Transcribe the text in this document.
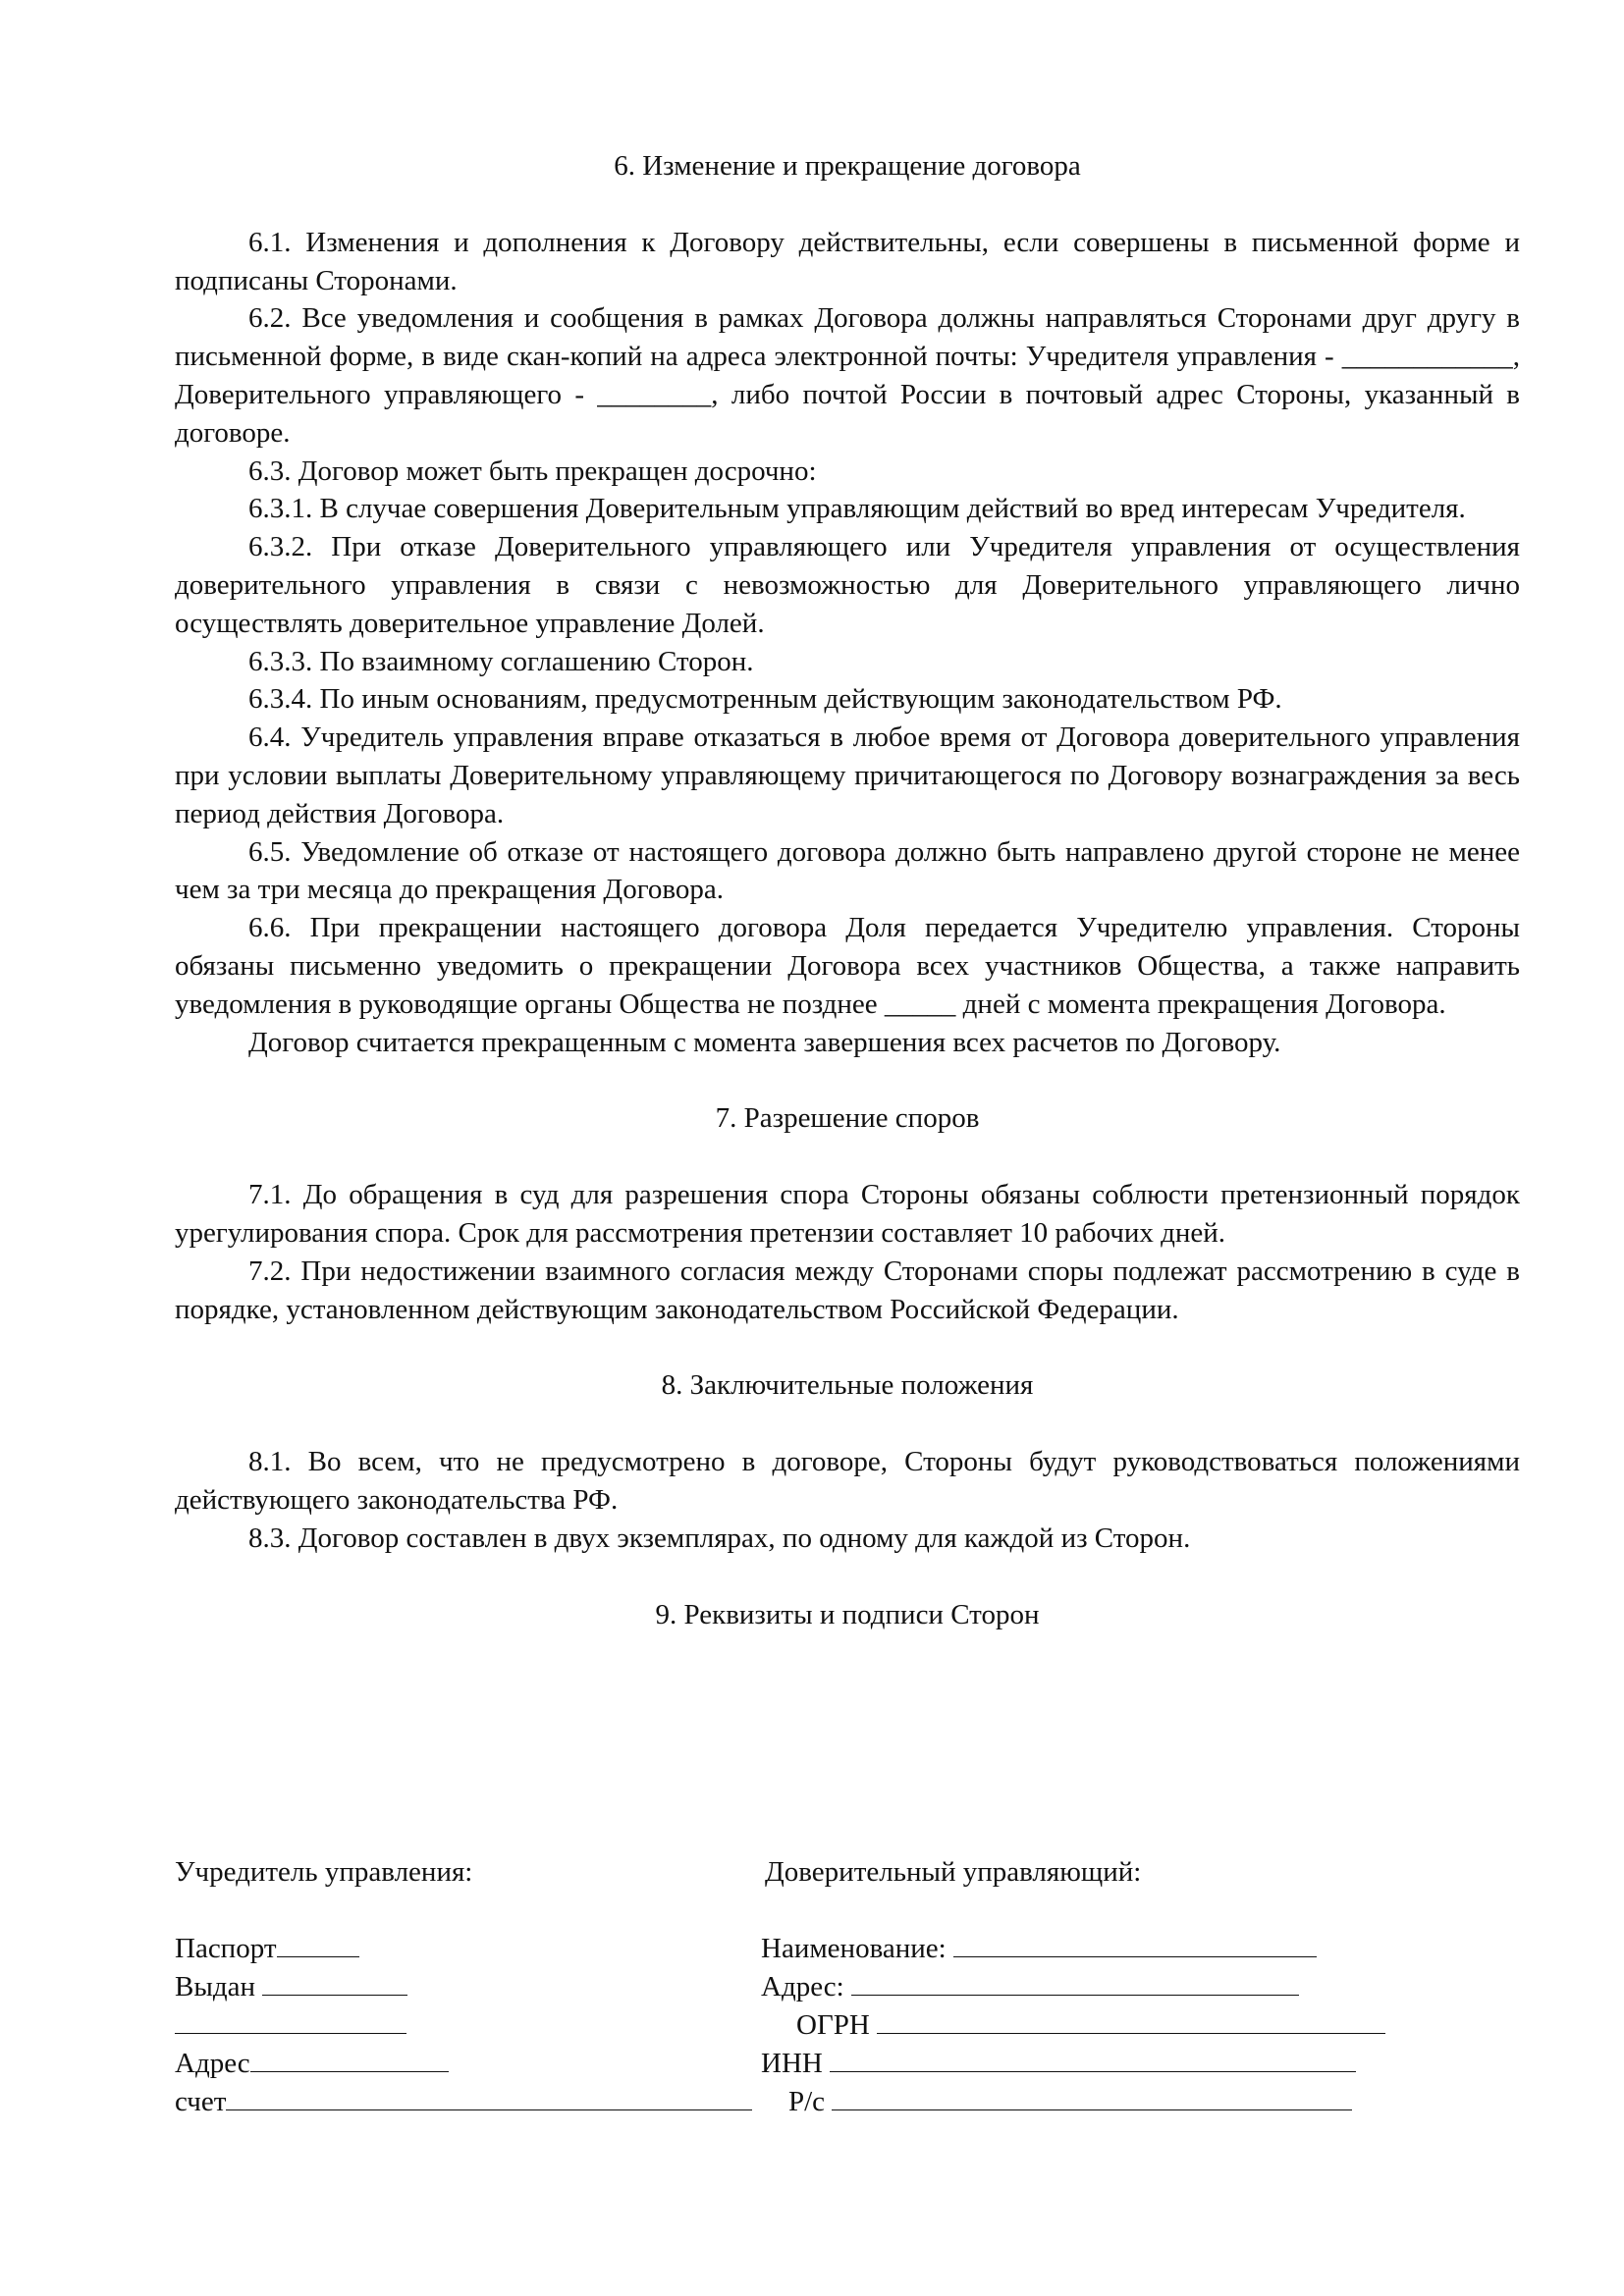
6. Изменение и прекращение договора

6.1. Изменения и дополнения к Договору действительны, если совершены в письменной форме и подписаны Сторонами.

6.2. Все уведомления и сообщения в рамках Договора должны направляться Сторонами друг другу в письменной форме, в виде скан-копий на адреса электронной почты: Учредителя управления - ____________, Доверительного управляющего - ________, либо почтой России в почтовый адрес Стороны, указанный в договоре.

6.3. Договор может быть прекращен досрочно:

6.3.1. В случае совершения Доверительным управляющим действий во вред интересам Учредителя.

6.3.2. При отказе Доверительного управляющего или Учредителя управления от осуществления доверительного управления в связи с невозможностью для Доверительного управляющего лично осуществлять доверительное управление Долей.

6.3.3. По взаимному соглашению Сторон.

6.3.4. По иным основаниям, предусмотренным действующим законодательством РФ.

6.4. Учредитель управления вправе отказаться в любое время от Договора доверительного управления при условии выплаты Доверительному управляющему причитающегося по Договору вознаграждения за весь период действия Договора.

6.5. Уведомление об отказе от настоящего договора должно быть направлено другой стороне не менее чем за три месяца до прекращения Договора.

6.6. При прекращении настоящего договора Доля передается Учредителю управления. Стороны обязаны письменно уведомить о прекращении Договора всех участников Общества, а также направить уведомления в руководящие органы Общества не позднее _____ дней с момента прекращения Договора.

Договор считается прекращенным с момента завершения всех расчетов по Договору.

7. Разрешение споров

7.1. До обращения в суд для разрешения спора Стороны обязаны соблюсти претензионный порядок урегулирования спора. Срок для рассмотрения претензии составляет 10 рабочих дней.

7.2. При недостижении взаимного согласия между Сторонами споры подлежат рассмотрению в суде в порядке, установленном действующим законодательством Российской Федерации.

8. Заключительные положения

8.1. Во всем, что не предусмотрено в договоре, Стороны будут руководствоваться положениями действующего законодательства РФ.

8.3. Договор составлен в двух экземплярах, по одному для каждой из Сторон.

9. Реквизиты и подписи Сторон

Учредитель управления:
Паспорт
Выдан
Адрес
счет
Доверительный управляющий:
Наименование:
Адрес:
ОГРН
ИНН
Р/с
